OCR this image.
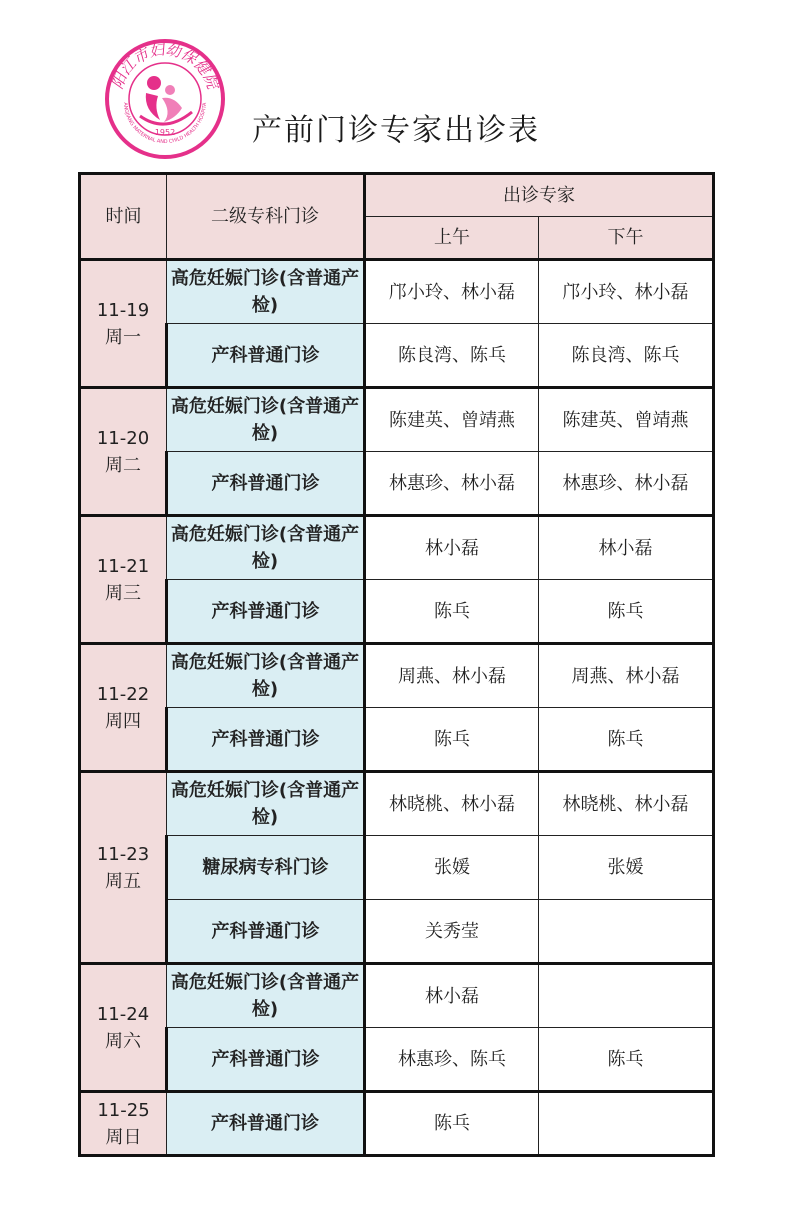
阳江市妇幼保健院
ANGJIANG MATERNAL AND CHILD HEALTH HOSPITA
1952	产前门诊专家出诊表
时间	二级专科门诊	出诊专家	
		上午	下午

11-19
周一	高危妊娠门诊(含普通产检)	邝小玲、林小磊	邝小玲、林小磊
	产科普通门诊	陈良湾、陈乓	陈良湾、陈乓

11-20
周二	高危妊娠门诊(含普通产检)	陈建英、曾靖燕	陈建英、曾靖燕
	产科普通门诊	林惠珍、林小磊	林惠珍、林小磊

11-21
周三	高危妊娠门诊(含普通产检)	林小磊	林小磊
	产科普通门诊	陈乓	陈乓

11-22
周四	高危妊娠门诊(含普通产检)	周燕、林小磊	周燕、林小磊
	产科普通门诊	陈乓	陈乓

11-23
周五	高危妊娠门诊(含普通产检)	林晓桃、林小磊	林晓桃、林小磊
	糖尿病专科门诊	张媛	张媛
	产科普通门诊	关秀莹	

11-24
周六	高危妊娠门诊(含普通产检)	林小磊	
	产科普通门诊	林惠珍、陈乓	陈乓

11-25
周日	产科普通门诊	陈乓	
